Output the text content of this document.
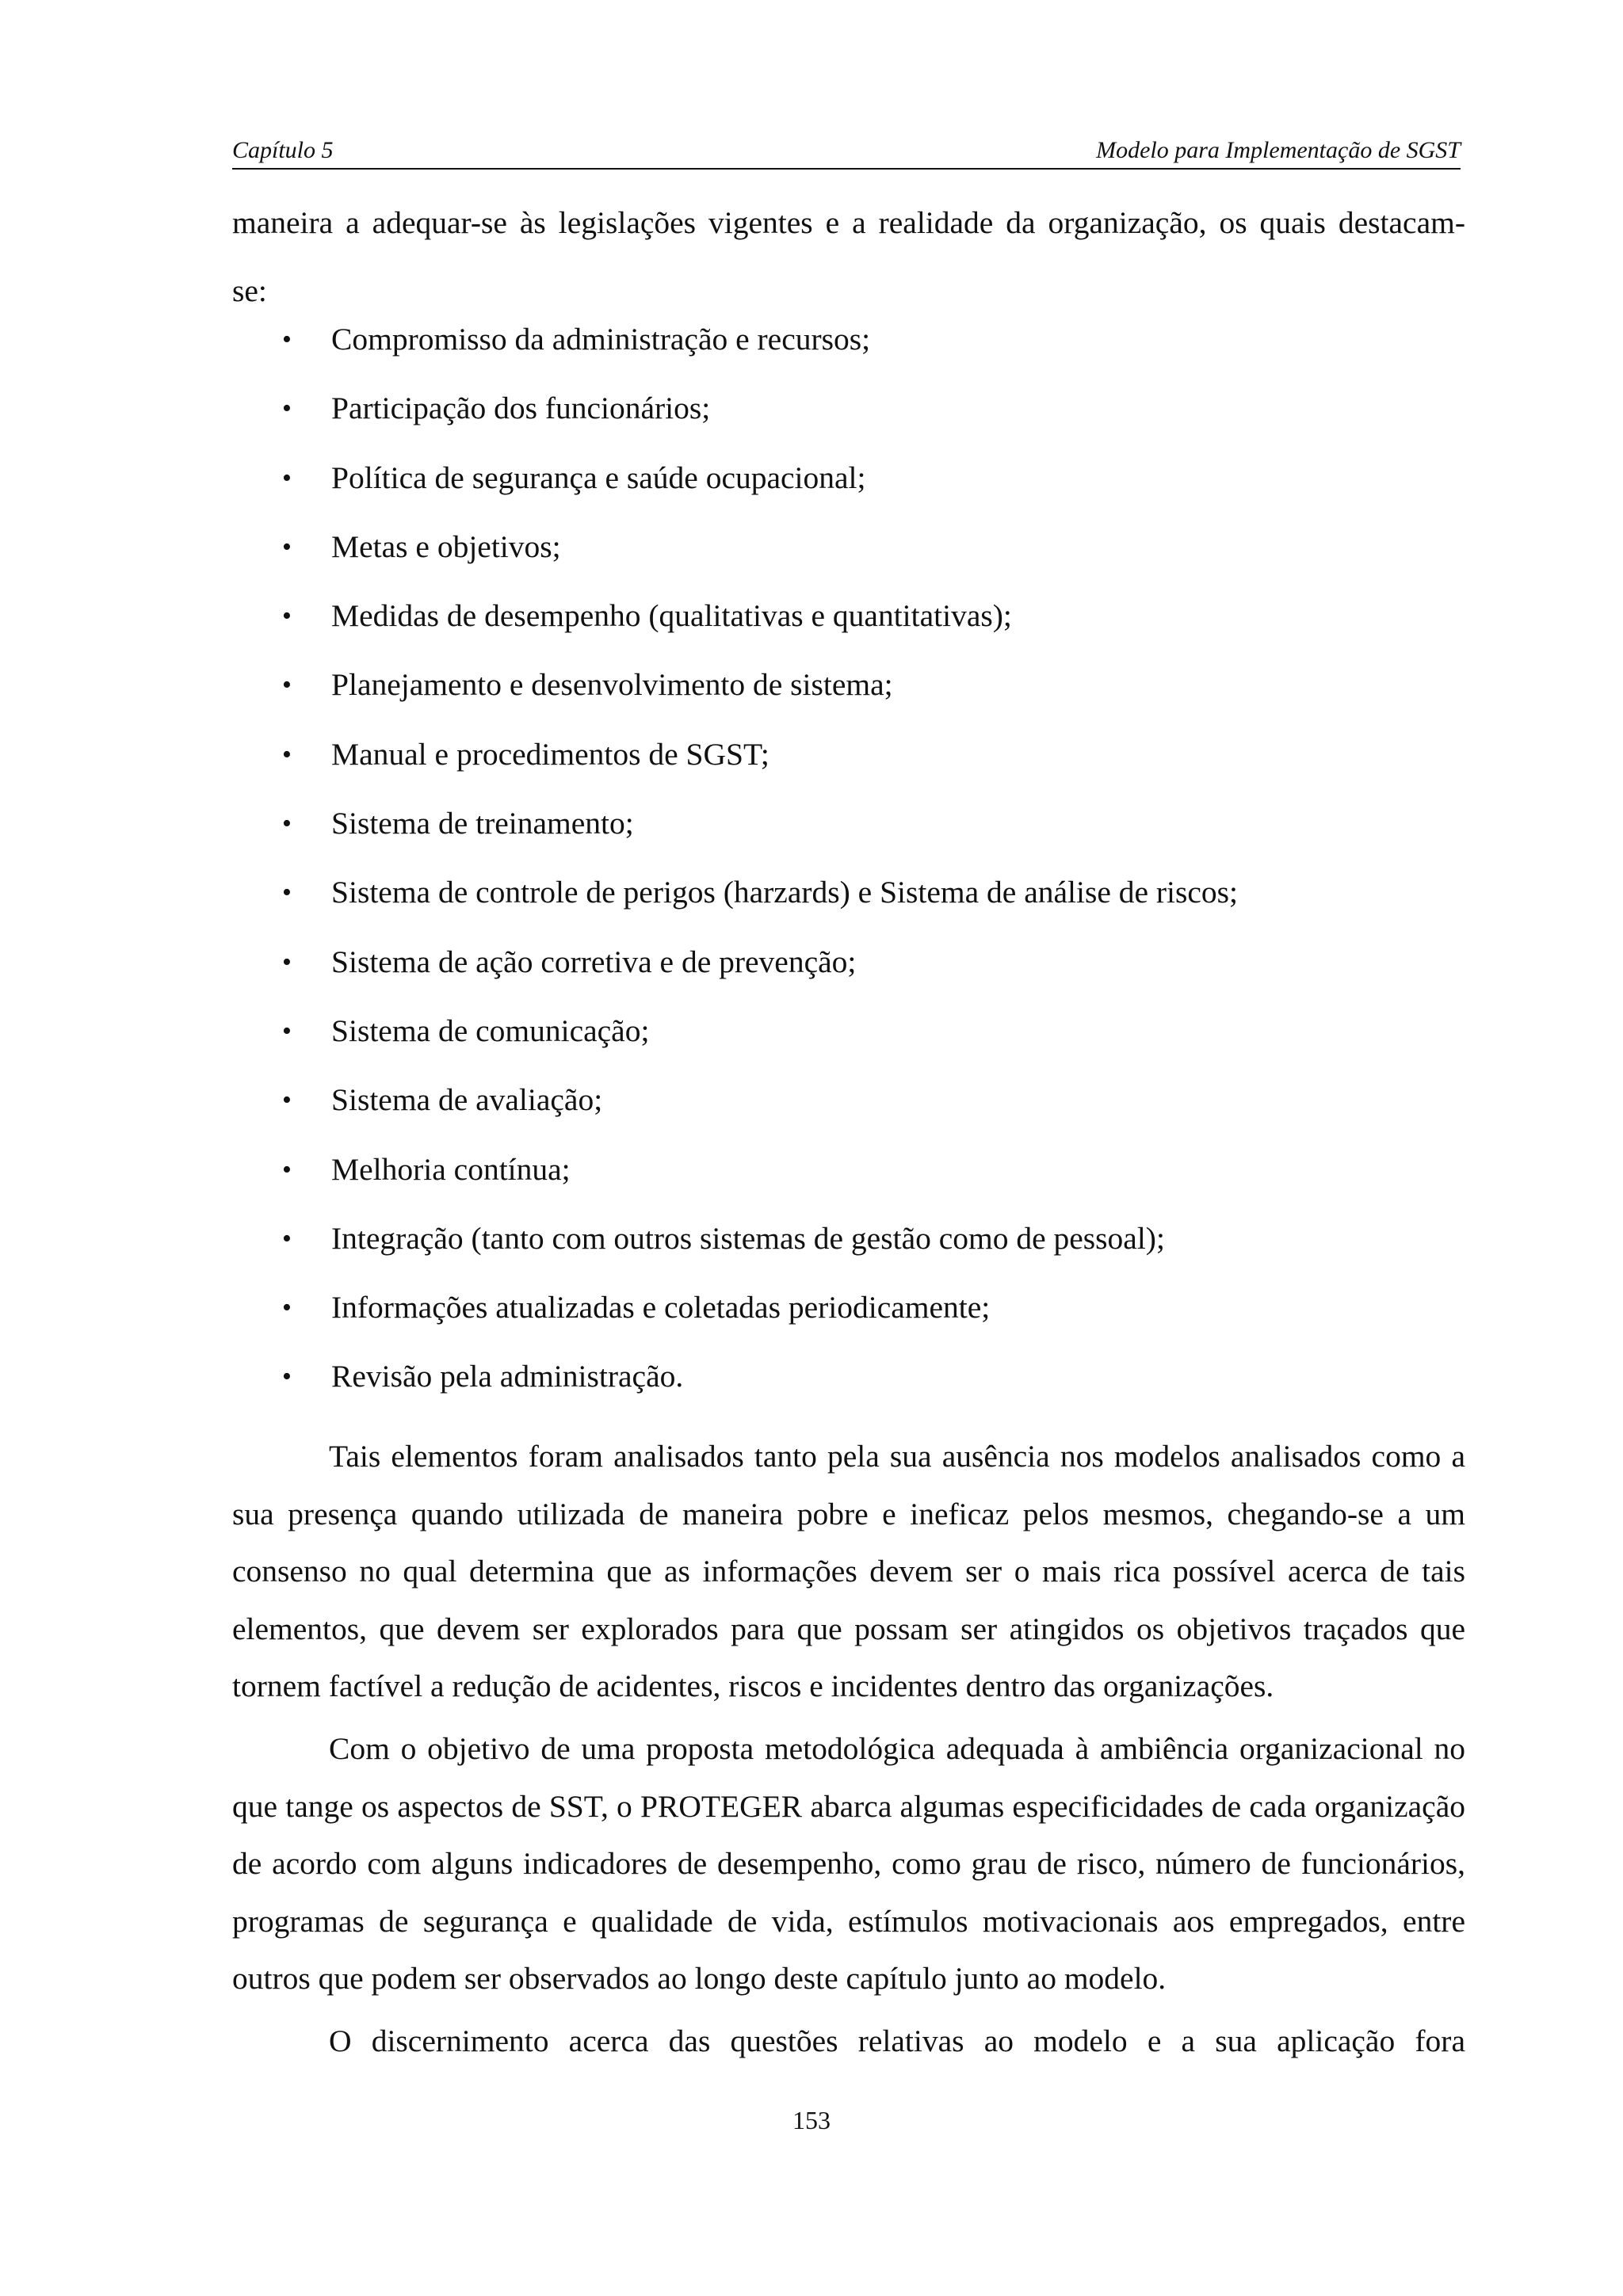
Capítulo 5	Modelo para Implementação de SGST
maneira a adequar-se às legislações vigentes e a realidade da organização, os quais destacam-
se:
• Compromisso da administração e recursos;
• Participação dos funcionários;
• Política de segurança e saúde ocupacional;
• Metas e objetivos;
• Medidas de desempenho (qualitativas e quantitativas);
• Planejamento e desenvolvimento de sistema;
• Manual e procedimentos de SGST;
• Sistema de treinamento;
• Sistema de controle de perigos (harzards) e Sistema de análise de riscos;
• Sistema de ação corretiva e de prevenção;
• Sistema de comunicação;
• Sistema de avaliação;
• Melhoria contínua;
• Integração (tanto com outros sistemas de gestão como de pessoal);
• Informações atualizadas e coletadas periodicamente;
• Revisão pela administração.

Tais elementos foram analisados tanto pela sua ausência nos modelos analisados como a sua presença quando utilizada de maneira pobre e ineficaz pelos mesmos, chegando-se a um consenso no qual determina que as informações devem ser o mais rica possível acerca de tais elementos, que devem ser explorados para que possam ser atingidos os objetivos traçados que tornem factível a redução de acidentes, riscos e incidentes dentro das organizações.

Com o objetivo de uma proposta metodológica adequada à ambiência organizacional no que tange os aspectos de SST, o PROTEGER abarca algumas especificidades de cada organização de acordo com alguns indicadores de desempenho, como grau de risco, número de funcionários, programas de segurança e qualidade de vida, estímulos motivacionais aos empregados, entre outros que podem ser observados ao longo deste capítulo junto ao modelo.

O discernimento acerca das questões relativas ao modelo e a sua aplicação fora

153
